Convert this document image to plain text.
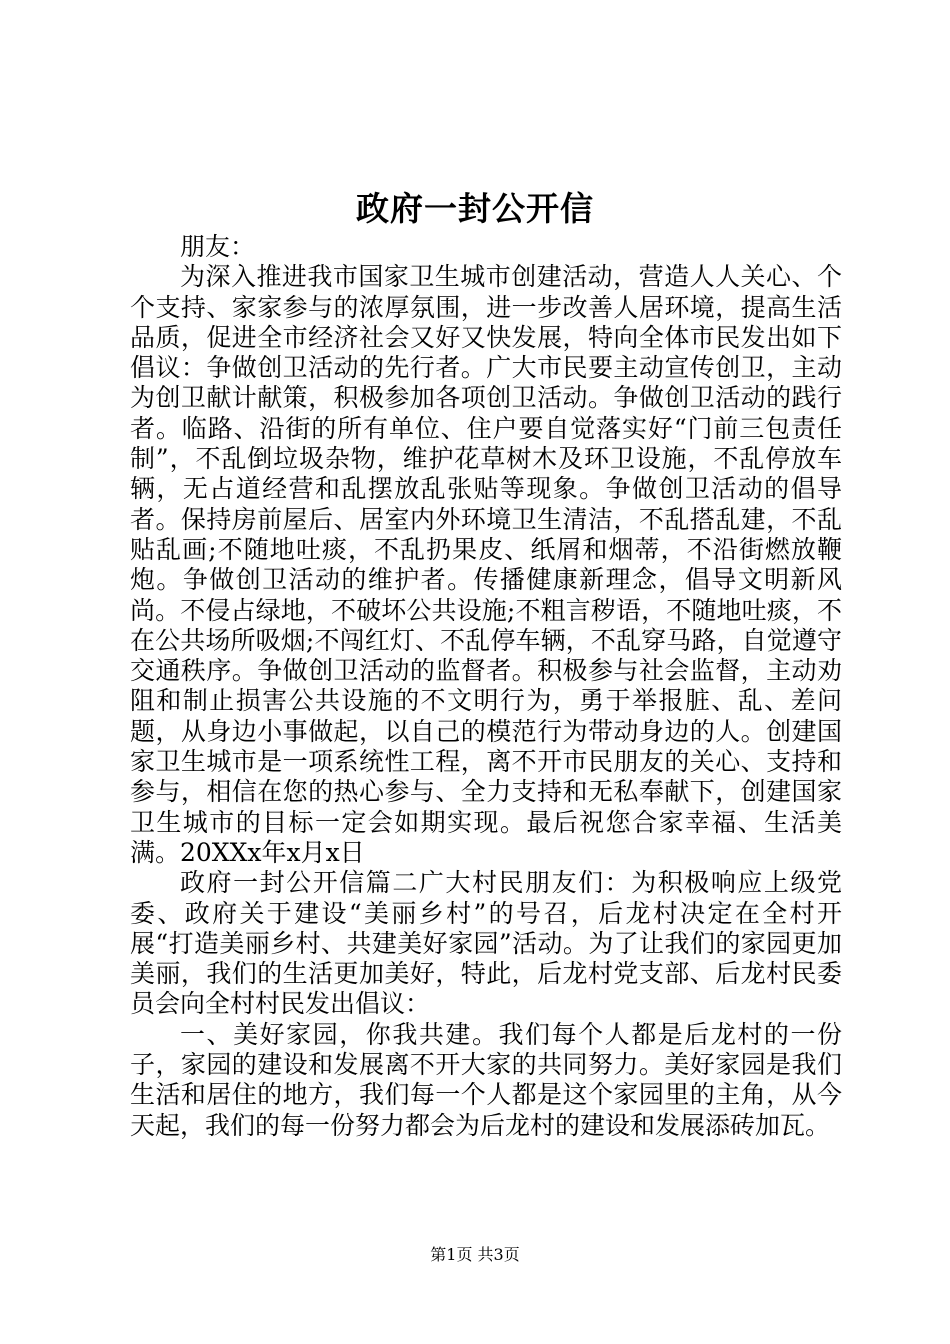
政府一封公开信

朋友：

为深入推进我市国家卫生城市创建活动，营造人人关心、个个支持、家家参与的浓厚氛围，进一步改善人居环境，提高生活品质，促进全市经济社会又好又快发展，特向全体市民发出如下倡议：争做创卫活动的先行者。广大市民要主动宣传创卫，主动为创卫献计献策，积极参加各项创卫活动。争做创卫活动的践行者。临路、沿街的所有单位、住户要自觉落实好“门前三包责任制”，不乱倒垃圾杂物，维护花草树木及环卫设施，不乱停放车辆，无占道经营和乱摆放乱张贴等现象。争做创卫活动的倡导者。保持房前屋后、居室内外环境卫生清洁，不乱搭乱建，不乱贴乱画;不随地吐痰，不乱扔果皮、纸屑和烟蒂，不沿街燃放鞭炮。争做创卫活动的维护者。传播健康新理念，倡导文明新风尚。不侵占绿地，不破坏公共设施;不粗言秽语，不随地吐痰，不在公共场所吸烟;不闯红灯、不乱停车辆，不乱穿马路，自觉遵守交通秩序。争做创卫活动的监督者。积极参与社会监督，主动劝阻和制止损害公共设施的不文明行为，勇于举报脏、乱、差问题，从身边小事做起，以自己的模范行为带动身边的人。创建国家卫生城市是一项系统性工程，离不开市民朋友的关心、支持和参与，相信在您的热心参与、全力支持和无私奉献下，创建国家卫生城市的目标一定会如期实现。最后祝您合家幸福、生活美满。20XXx年x月x日

政府一封公开信篇二广大村民朋友们：为积极响应上级党委、政府关于建设“美丽乡村”的号召，后龙村决定在全村开展“打造美丽乡村、共建美好家园”活动。为了让我们的家园更加美丽，我们的生活更加美好，特此，后龙村党支部、后龙村民委员会向全村村民发出倡议：

一、美好家园，你我共建。我们每个人都是后龙村的一份子，家园的建设和发展离不开大家的共同努力。美好家园是我们生活和居住的地方，我们每一个人都是这个家园里的主角，从今天起，我们的每一份努力都会为后龙村的建设和发展添砖加瓦。

第1页 共3页
